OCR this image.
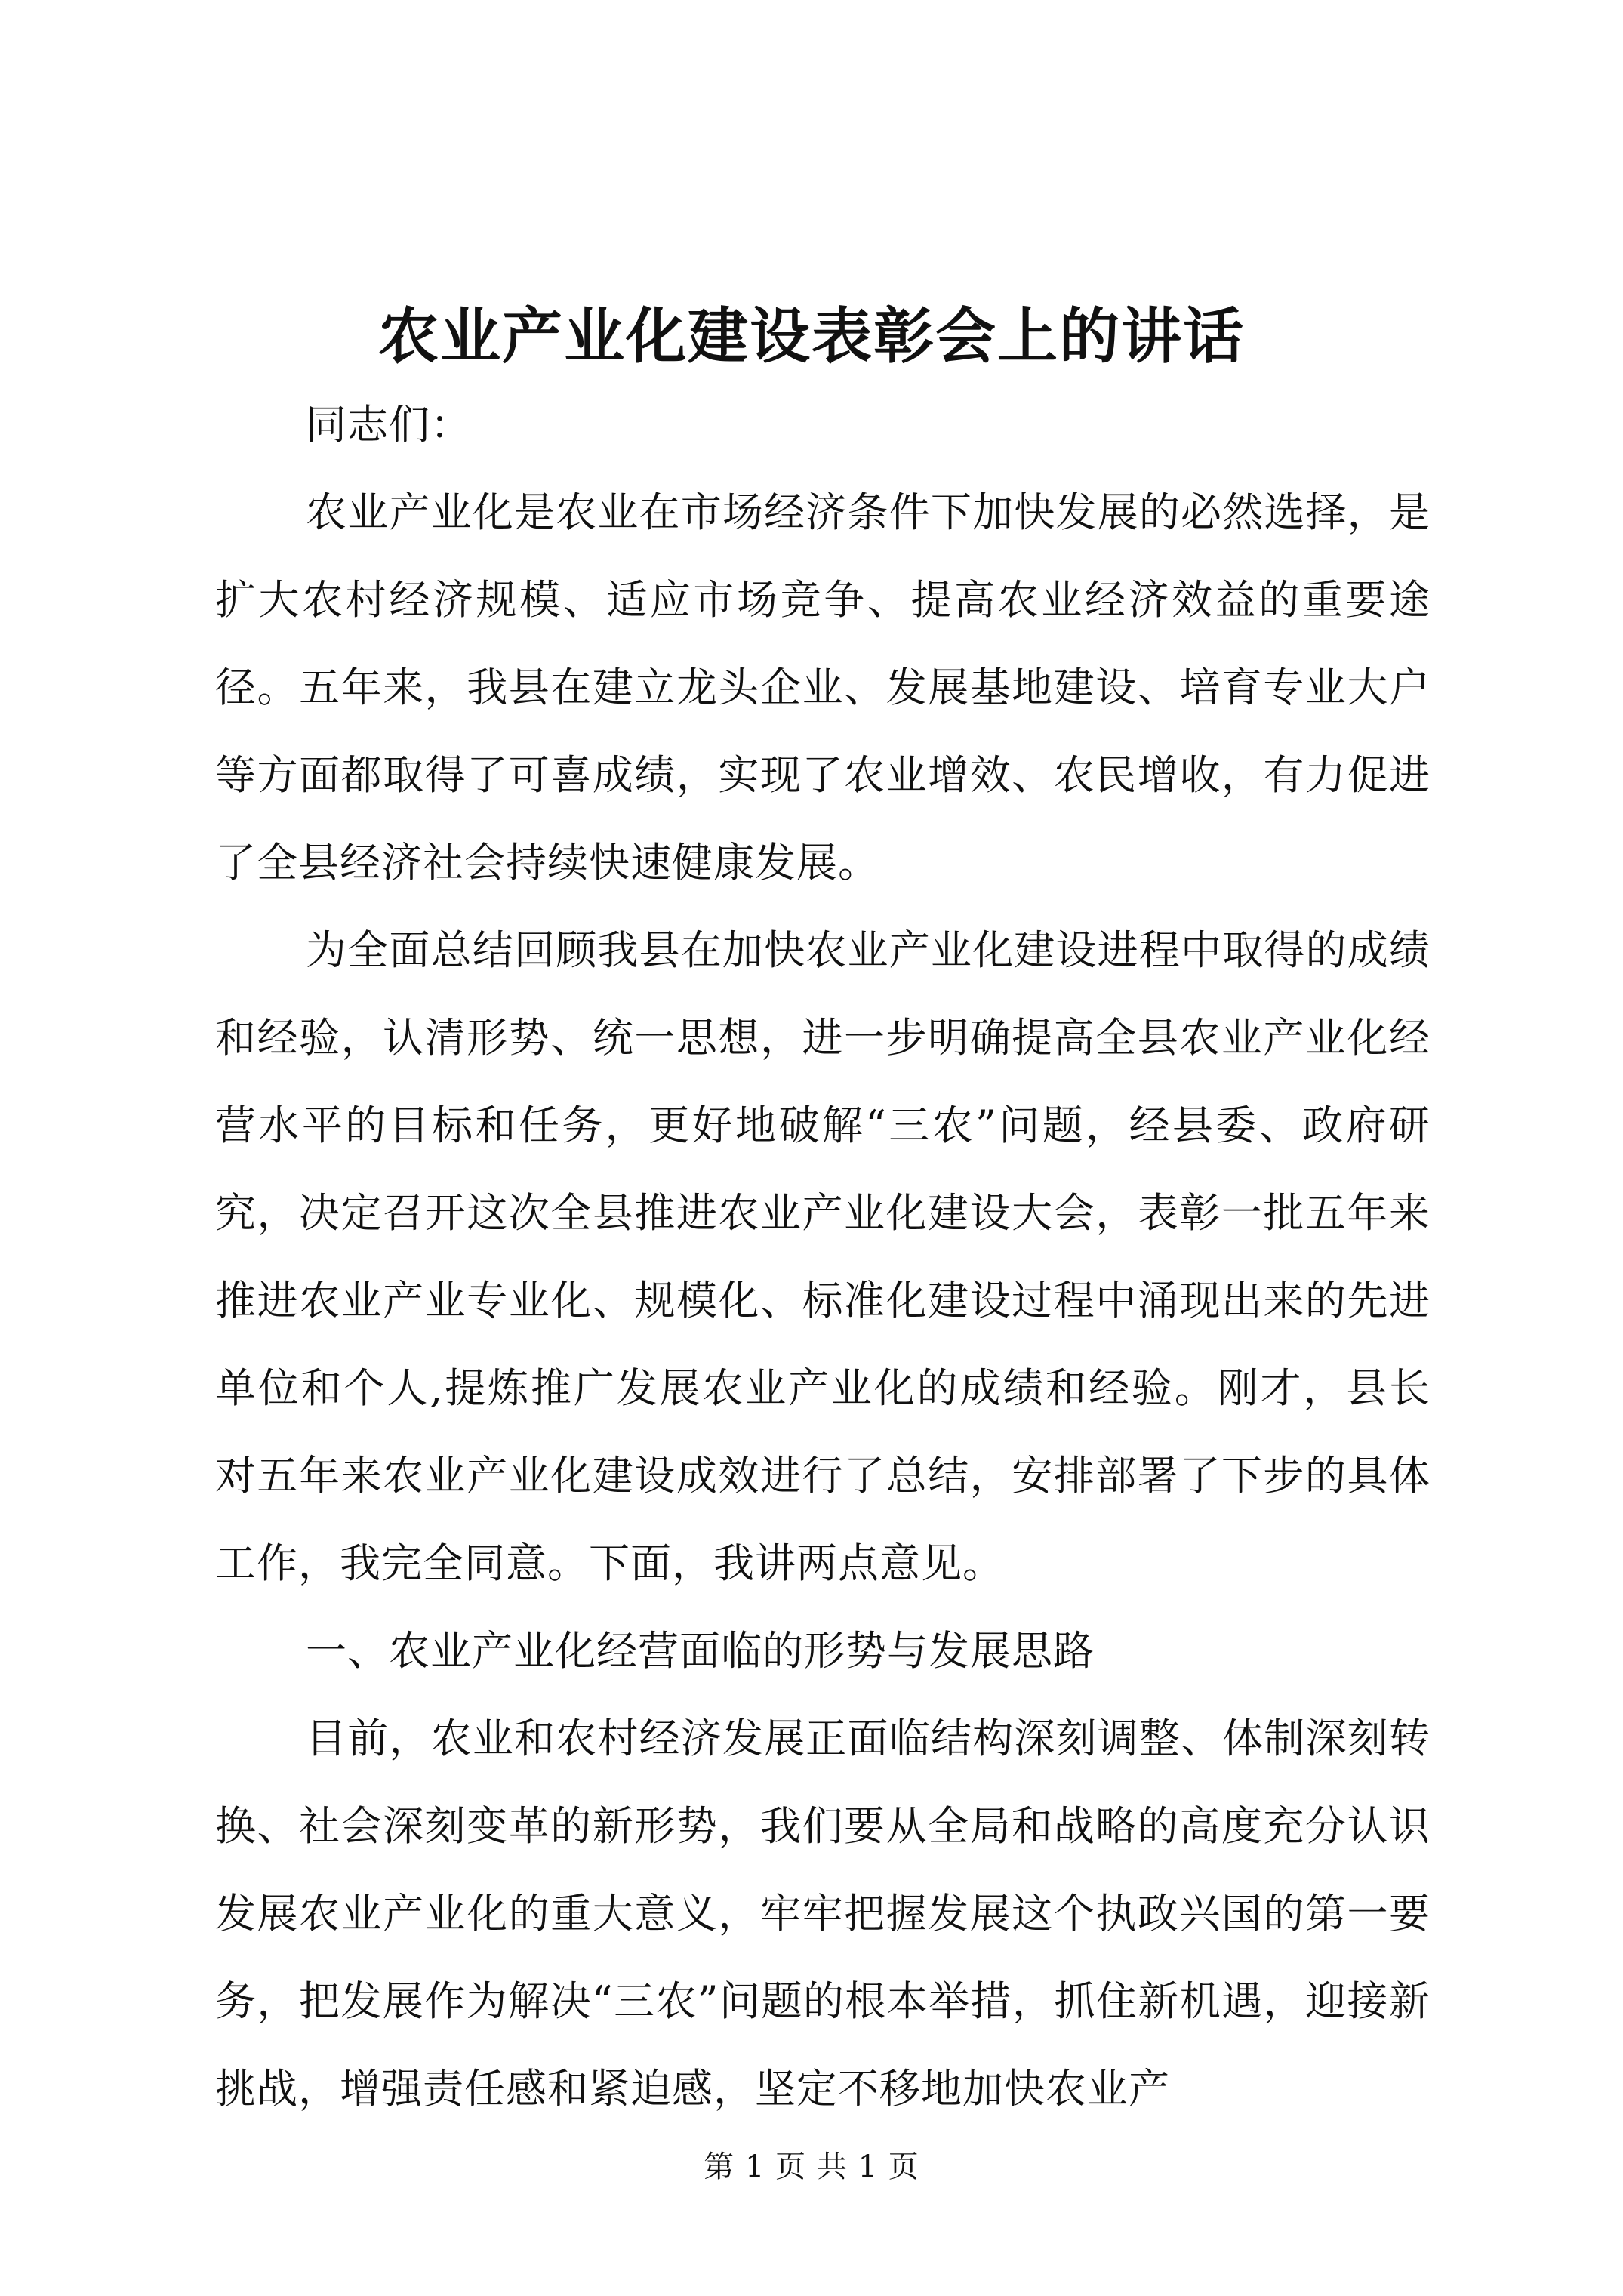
农业产业化建设表彰会上的讲话

同志们：

农业产业化是农业在市场经济条件下加快发展的必然选择，是扩大农村经济规模、适应市场竞争、提高农业经济效益的重要途径。五年来，我县在建立龙头企业、发展基地建设、培育专业大户等方面都取得了可喜成绩，实现了农业增效、农民增收，有力促进了全县经济社会持续快速健康发展。

为全面总结回顾我县在加快农业产业化建设进程中取得的成绩和经验，认清形势、统一思想，进一步明确提高全县农业产业化经营水平的目标和任务，更好地破解“三农”问题，经县委、政府研究，决定召开这次全县推进农业产业化建设大会，表彰一批五年来推进农业产业专业化、规模化、标准化建设过程中涌现出来的先进单位和个人,提炼推广发展农业产业化的成绩和经验。刚才，县长对五年来农业产业化建设成效进行了总结，安排部署了下步的具体工作，我完全同意。下面，我讲两点意见。

一、农业产业化经营面临的形势与发展思路

目前，农业和农村经济发展正面临结构深刻调整、体制深刻转换、社会深刻变革的新形势，我们要从全局和战略的高度充分认识发展农业产业化的重大意义，牢牢把握发展这个执政兴国的第一要务，把发展作为解决“三农”问题的根本举措，抓住新机遇，迎接新挑战，增强责任感和紧迫感，坚定不移地加快农业产

第 1 页 共 1 页
